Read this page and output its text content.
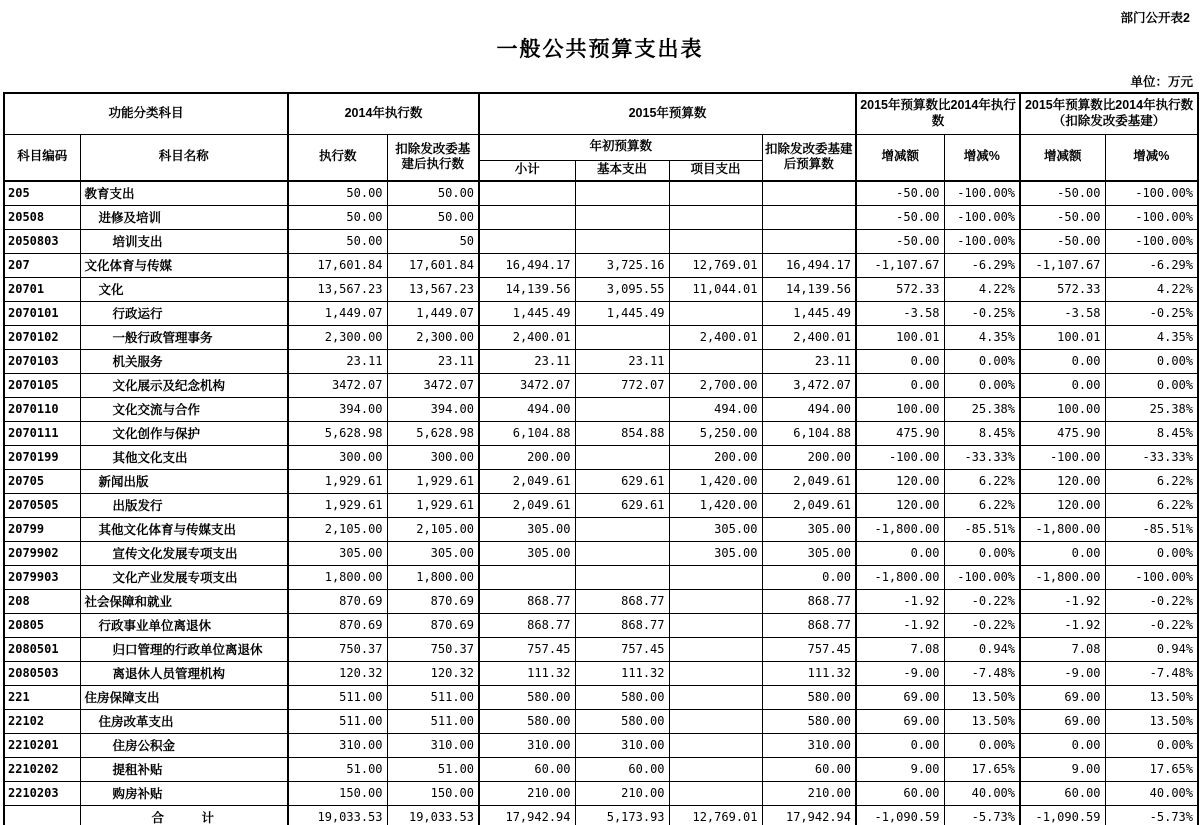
部门公开表2
一般公共预算支出表
单位：万元
功能分类科目		2014年执行数		2015年预算数				2015年预算数比2014年执行数		2015年预算数比2014年执行数（扣除发改委基建）	
科目编码	科目名称	执行数	扣除发改委基建后执行数	年初预算数			扣除发改委基建后预算数	增减额	增减%	增减额	增减%
				小计	基本支出	项目支出					
205	教育支出	50.00	50.00					-50.00	-100.00%	-50.00	-100.00%
20508	进修及培训	50.00	50.00					-50.00	-100.00%	-50.00	-100.00%
2050803	培训支出	50.00	50					-50.00	-100.00%	-50.00	-100.00%
207	文化体育与传媒	17,601.84	17,601.84	16,494.17	3,725.16	12,769.01	16,494.17	-1,107.67	-6.29%	-1,107.67	-6.29%
20701	文化	13,567.23	13,567.23	14,139.56	3,095.55	11,044.01	14,139.56	572.33	4.22%	572.33	4.22%
2070101	行政运行	1,449.07	1,449.07	1,445.49	1,445.49		1,445.49	-3.58	-0.25%	-3.58	-0.25%
2070102	一般行政管理事务	2,300.00	2,300.00	2,400.01		2,400.01	2,400.01	100.01	4.35%	100.01	4.35%
2070103	机关服务	23.11	23.11	23.11	23.11		23.11	0.00	0.00%	0.00	0.00%
2070105	文化展示及纪念机构	3472.07	3472.07	3472.07	772.07	2,700.00	3,472.07	0.00	0.00%	0.00	0.00%
2070110	文化交流与合作	394.00	394.00	494.00		494.00	494.00	100.00	25.38%	100.00	25.38%
2070111	文化创作与保护	5,628.98	5,628.98	6,104.88	854.88	5,250.00	6,104.88	475.90	8.45%	475.90	8.45%
2070199	其他文化支出	300.00	300.00	200.00		200.00	200.00	-100.00	-33.33%	-100.00	-33.33%
20705	新闻出版	1,929.61	1,929.61	2,049.61	629.61	1,420.00	2,049.61	120.00	6.22%	120.00	6.22%
2070505	出版发行	1,929.61	1,929.61	2,049.61	629.61	1,420.00	2,049.61	120.00	6.22%	120.00	6.22%
20799	其他文化体育与传媒支出	2,105.00	2,105.00	305.00		305.00	305.00	-1,800.00	-85.51%	-1,800.00	-85.51%
2079902	宣传文化发展专项支出	305.00	305.00	305.00		305.00	305.00	0.00	0.00%	0.00	0.00%
2079903	文化产业发展专项支出	1,800.00	1,800.00				0.00	-1,800.00	-100.00%	-1,800.00	-100.00%
208	社会保障和就业	870.69	870.69	868.77	868.77		868.77	-1.92	-0.22%	-1.92	-0.22%
20805	行政事业单位离退休	870.69	870.69	868.77	868.77		868.77	-1.92	-0.22%	-1.92	-0.22%
2080501	归口管理的行政单位离退休	750.37	750.37	757.45	757.45		757.45	7.08	0.94%	7.08	0.94%
2080503	离退休人员管理机构	120.32	120.32	111.32	111.32		111.32	-9.00	-7.48%	-9.00	-7.48%
221	住房保障支出	511.00	511.00	580.00	580.00		580.00	69.00	13.50%	69.00	13.50%
22102	住房改革支出	511.00	511.00	580.00	580.00		580.00	69.00	13.50%	69.00	13.50%
2210201	住房公积金	310.00	310.00	310.00	310.00		310.00	0.00	0.00%	0.00	0.00%
2210202	提租补贴	51.00	51.00	60.00	60.00		60.00	9.00	17.65%	9.00	17.65%
2210203	购房补贴	150.00	150.00	210.00	210.00		210.00	60.00	40.00%	60.00	40.00%
	合　　　计	19,033.53	19,033.53	17,942.94	5,173.93	12,769.01	17,942.94	-1,090.59	-5.73%	-1,090.59	-5.73%
